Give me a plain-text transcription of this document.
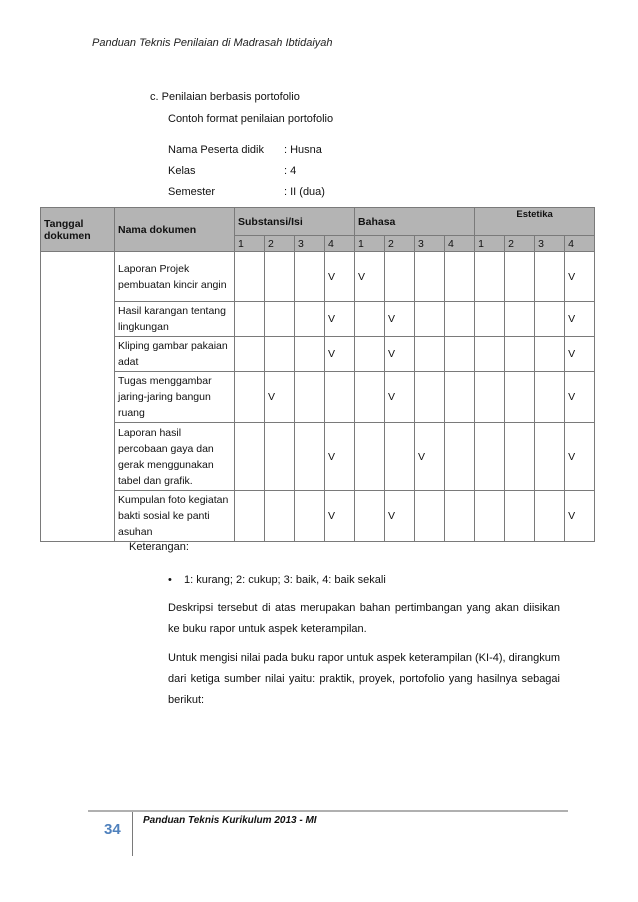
Panduan Teknis Penilaian di Madrasah Ibtidaiyah
c. Penilaian berbasis portofolio
Contoh format penilaian portofolio
Nama Peserta didik : Husna
Kelas	: 4
Semester	: II (dua)
Tanggal dokumen	Nama dokumen	Substansi/Isi				Bahasa				Estetika			
		1	2	3	4	1	2	3	4	1	2	3	4
	Laporan Projek pembuatan kincir angin				V	V							V
	Hasil karangan tentang lingkungan				V		V						V
	Kliping gambar pakaian adat				V		V						V
	Tugas menggambar jaring-jaring bangun ruang		V				V						V
	Laporan hasil percobaan gaya dan gerak menggunakan tabel dan grafik.				V			V					V
	Kumpulan foto kegiatan bakti sosial ke panti asuhan				V		V						V
Keterangan:
• 1: kurang; 2: cukup; 3: baik, 4: baik sekali
Deskripsi tersebut di atas merupakan bahan pertimbangan yang akan diisikan ke buku rapor untuk aspek keterampilan.
Untuk mengisi nilai pada buku rapor untuk aspek keterampilan (KI-4), dirangkum dari ketiga sumber nilai yaitu: praktik, proyek, portofolio yang hasilnya sebagai berikut:
34
Panduan Teknis Kurikulum 2013 - MI
